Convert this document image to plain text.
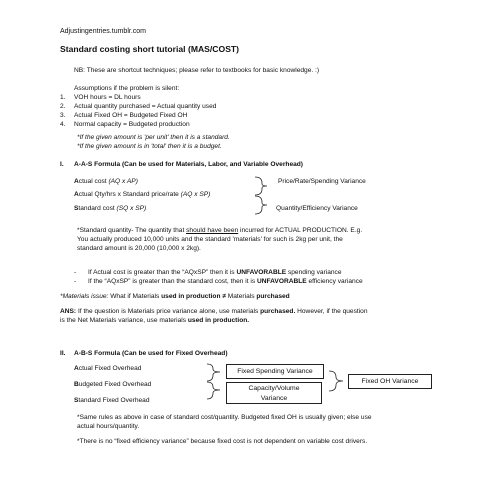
Adjustingentries.tumblr.com
Standard costing short tutorial (MAS/COST)
NB: These are shortcut techniques; please refer to textbooks for basic knowledge. :)
Assumptions if the problem is silent:
1. VOH hours = DL hours
2. Actual quantity purchased = Actual quantity used
3. Actual Fixed OH = Budgeted Fixed OH
4. Normal capacity = Budgeted production
*If the given amount is 'per unit' then it is a standard.
*If the given amount is in 'total' then it is a budget.
I. A-A-S Formula (Can be used for Materials, Labor, and Variable Overhead)
Actual cost (AQ x AP)
Actual Qty/hrs x Standard price/rate (AQ x SP)
Standard cost (SQ x SP)
Price/Rate/Spending Variance
Quantity/Efficiency Variance
*Standard quantity- The quantity that should have been incurred for ACTUAL PRODUCTION. E.g.
You actually produced 10,000 units and the standard 'materials' for such is 2kg per unit, the
standard amount is 20,000 (10,000 x 2kg).
- If Actual cost is greater than the “AQxSP” then it is UNFAVORABLE spending variance
- If the “AQxSP” is greater than the standard cost, then it is UNFAVORABLE efficiency variance
*Materials issue: What if Materials used in production ≠ Materials purchased
ANS: If the question is Materials price variance alone, use materials purchased. However, if the question
is the Net Materials variance, use materials used in production.
II. A-B-S Formula (Can be used for Fixed Overhead)
Actual Fixed Overhead
Budgeted Fixed Overhead
Standard Fixed Overhead
Fixed Spending Variance
Capacity/Volume
Variance
Fixed OH Variance
*Same rules as above in case of standard cost/quantity. Budgeted fixed OH is usually given; else use
actual hours/quantity.
*There is no “fixed efficiency variance” because fixed cost is not dependent on variable cost drivers.
